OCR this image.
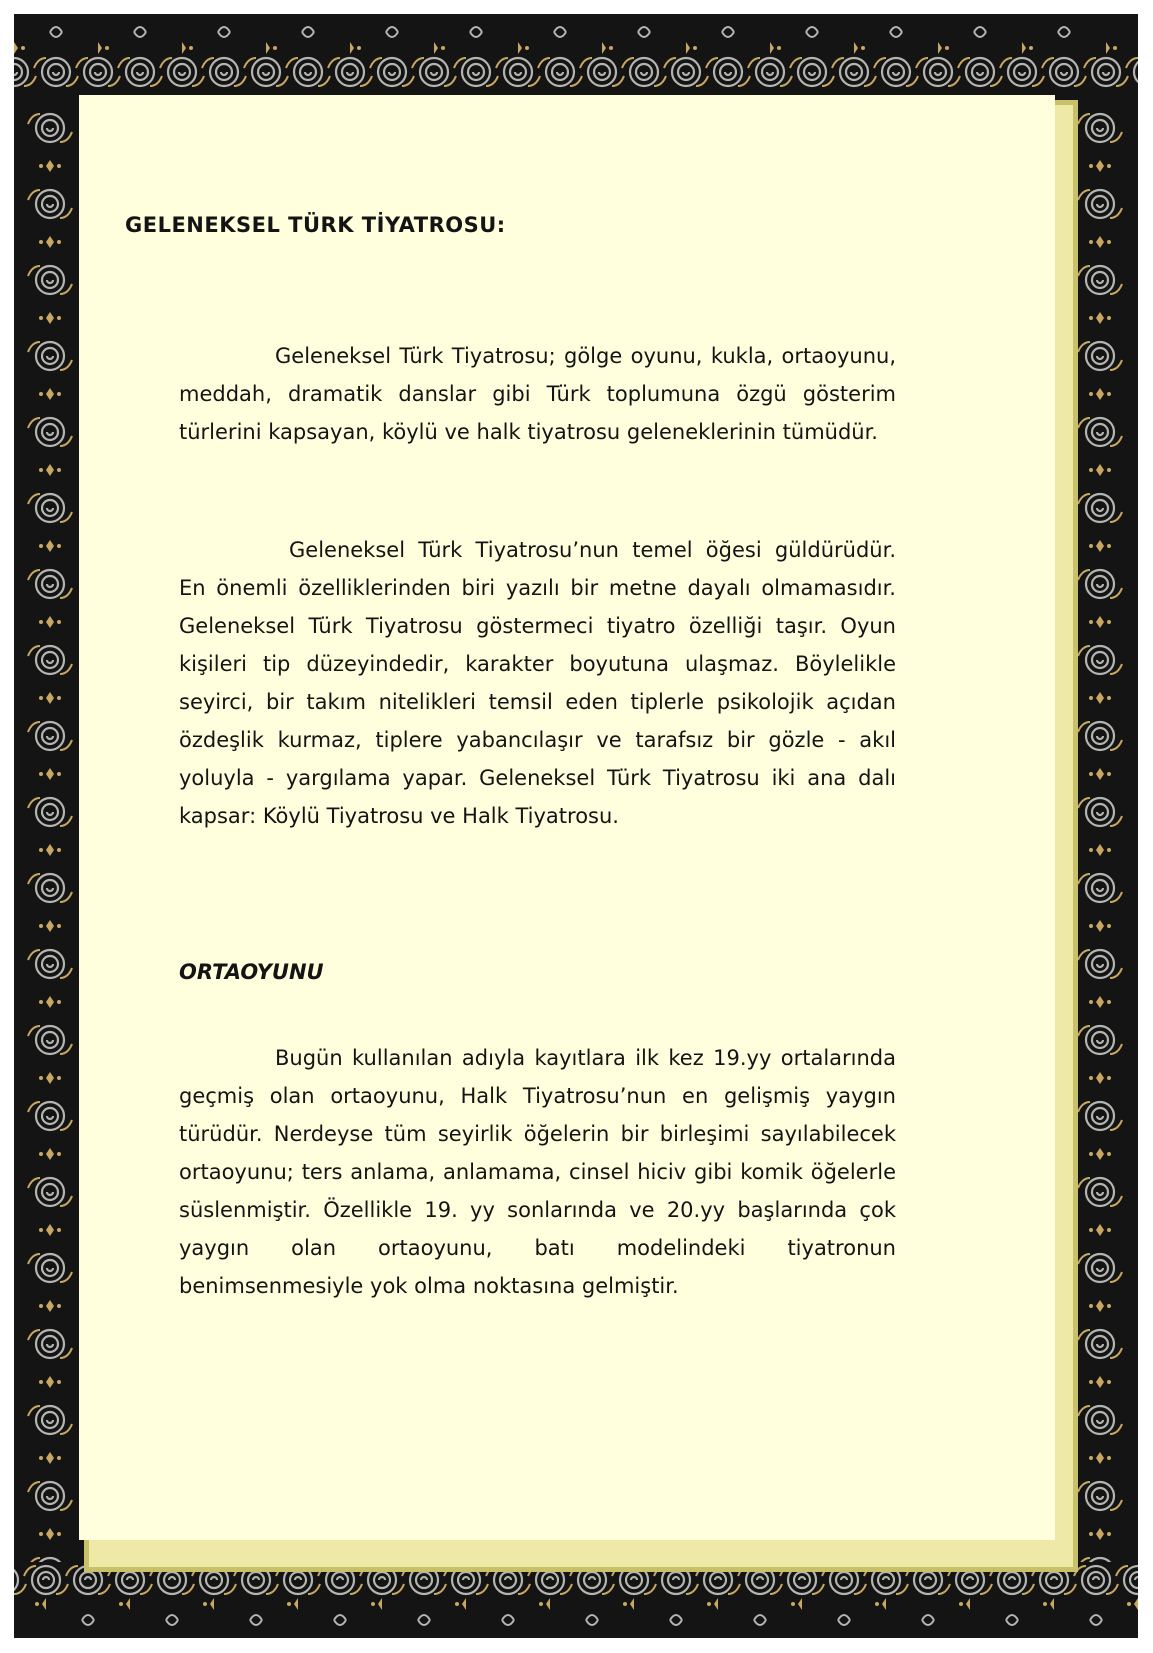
GELENEKSEL TÜRK TİYATROSU:

Geleneksel Türk Tiyatrosu; gölge oyunu, kukla, ortaoyunu, meddah, dramatik danslar gibi Türk toplumuna özgü gösterim türlerini kapsayan, köylü ve halk tiyatrosu geleneklerinin tümüdür.

Geleneksel Türk Tiyatrosu’nun temel öğesi güldürüdür. En önemli özelliklerinden biri yazılı bir metne dayalı olmamasıdır. Geleneksel Türk Tiyatrosu göstermeci tiyatro özelliği taşır. Oyun kişileri tip düzeyindedir, karakter boyutuna ulaşmaz. Böylelikle seyirci, bir takım nitelikleri temsil eden tiplerle psikolojik açıdan özdeşlik kurmaz, tiplere yabancılaşır ve tarafsız bir gözle - akıl yoluyla - yargılama yapar. Geleneksel Türk Tiyatrosu iki ana dalı kapsar: Köylü Tiyatrosu ve Halk Tiyatrosu.

ORTAOYUNU

Bugün kullanılan adıyla kayıtlara ilk kez 19.yy ortalarında geçmiş olan ortaoyunu, Halk Tiyatrosu’nun en gelişmiş yaygın türüdür. Nerdeyse tüm seyirlik öğelerin bir birleşimi sayılabilecek ortaoyunu; ters anlama, anlamama, cinsel hiciv gibi komik öğelerle süslenmiştir. Özellikle 19. yy sonlarında ve 20.yy başlarında çok yaygın olan ortaoyunu, batı modelindeki tiyatronun benimsenmesiyle yok olma noktasına gelmiştir.
